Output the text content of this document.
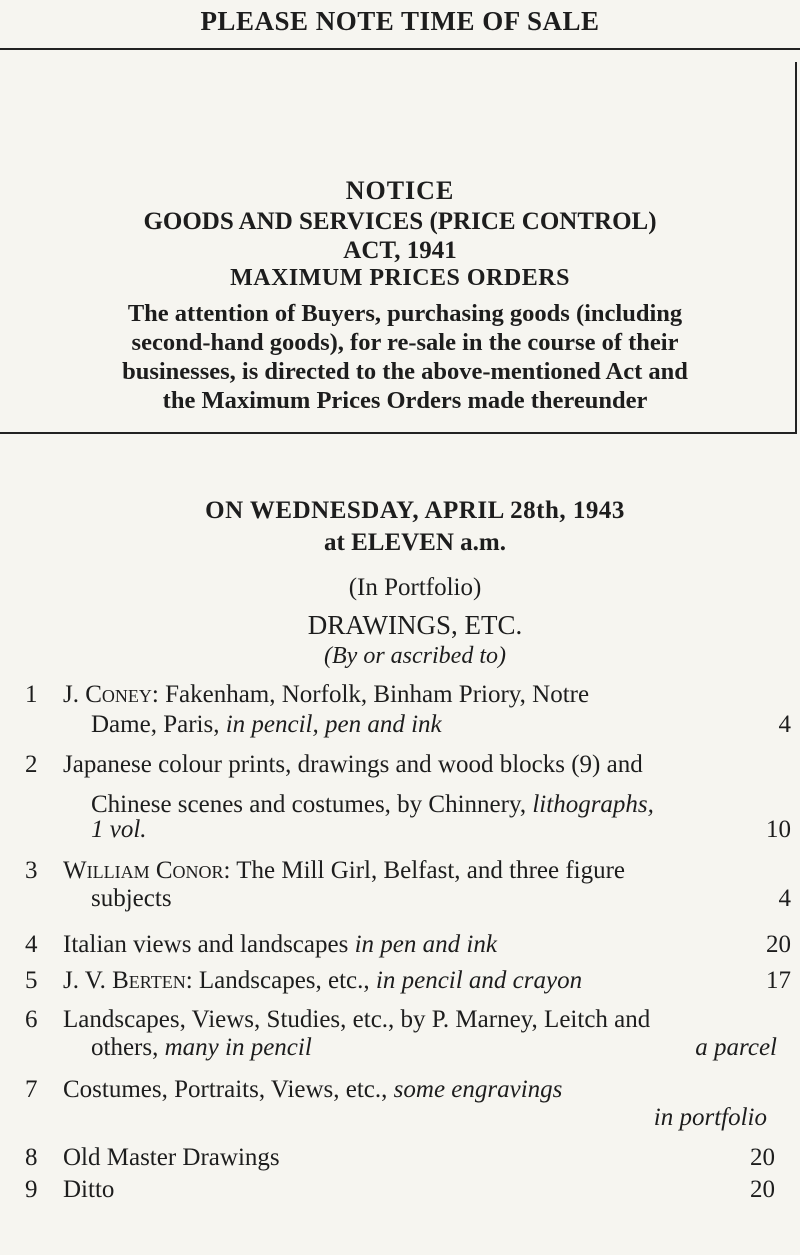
PLEASE NOTE TIME OF SALE
NOTICE
GOODS AND SERVICES (PRICE CONTROL)
ACT, 1941
MAXIMUM PRICES ORDERS
The attention of Buyers, purchasing goods (including
second-hand goods), for re-sale in the course of their
businesses, is directed to the above-mentioned Act and
the Maximum Prices Orders made thereunder
ON WEDNESDAY, APRIL 28th, 1943
at ELEVEN a.m.
(In Portfolio)
DRAWINGS, ETC.
(By or ascribed to)
1 J. Coney: Fakenham, Norfolk, Binham Priory, Notre
Dame, Paris, in pencil, pen and ink	4
2 Japanese colour prints, drawings and wood blocks (9) and
Chinese scenes and costumes, by Chinnery, lithographs,
1 vol.	10
3 William Conor: The Mill Girl, Belfast, and three figure
subjects	4
4 Italian views and landscapes in pen and ink	20
5 J. V. Berten: Landscapes, etc., in pencil and crayon	17
6 Landscapes, Views, Studies, etc., by P. Marney, Leitch and
others, many in pencil	a parcel
7 Costumes, Portraits, Views, etc., some engravings
in portfolio
8 Old Master Drawings	20
9 Ditto	20
